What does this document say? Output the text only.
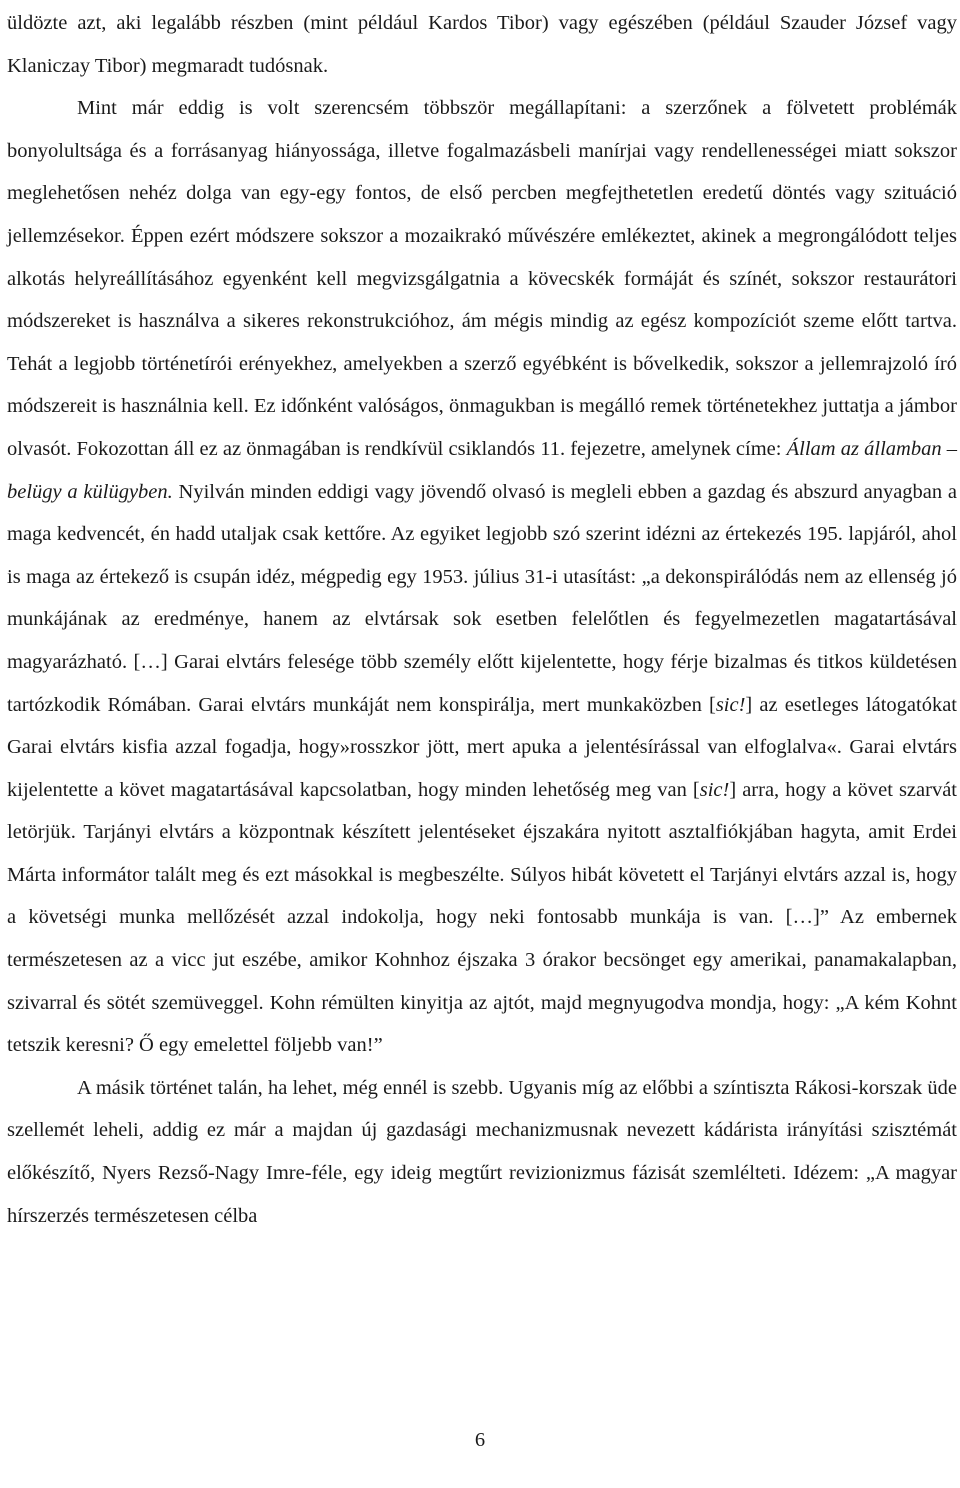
üldözte azt, aki legalább részben (mint például Kardos Tibor) vagy egészében (például Szauder József vagy Klaniczay Tibor) megmaradt tudósnak.

Mint már eddig is volt szerencsém többször megállapítani: a szerzőnek a fölvetett problémák bonyolultsága és a forrásanyag hiányossága, illetve fogalmazásbeli manírjai vagy rendellenességei miatt sokszor meglehetősen nehéz dolga van egy-egy fontos, de első percben megfejthetetlen eredetű döntés vagy szituáció jellemzésekor. Éppen ezért módszere sokszor a mozaikrakó művészére emlékeztet, akinek a megrongálódott teljes alkotás helyreállításához egyenként kell megvizsgálgatnia a kövecskék formáját és színét, sokszor restaurátori módszereket is használva a sikeres rekonstrukcióhoz, ám mégis mindig az egész kompozíciót szeme előtt tartva. Tehát a legjobb történetírói erényekhez, amelyekben a szerző egyébként is bővelkedik, sokszor a jellemrajzoló író módszereit is használnia kell. Ez időnként valóságos, önmagukban is megálló remek történetekhez juttatja a jámbor olvasót. Fokozottan áll ez az önmagában is rendkívül csiklandós 11. fejezetre, amelynek címe: Állam az államban – belügy a külügyben. Nyilván minden eddigi vagy jövendő olvasó is megleli ebben a gazdag és abszurd anyagban a maga kedvencét, én hadd utaljak csak kettőre. Az egyiket legjobb szó szerint idézni az értekezés 195. lapjáról, ahol is maga az értekező is csupán idéz, mégpedig egy 1953. július 31-i utasítást: „a dekonspirálódás nem az ellenség jó munkájának az eredménye, hanem az elvtársak sok esetben felelőtlen és fegyelmezetlen magatartásával magyarázható. […] Garai elvtárs felesége több személy előtt kijelentette, hogy férje bizalmas és titkos küldetésen tartózkodik Rómában. Garai elvtárs munkáját nem konspirálja, mert munkaközben [sic!] az esetleges látogatókat Garai elvtárs kisfia azzal fogadja, hogy»rosszkor jött, mert apuka a jelentésírással van elfoglalva«. Garai elvtárs kijelentette a követ magatartásával kapcsolatban, hogy minden lehetőség meg van [sic!] arra, hogy a követ szarvát letörjük. Tarjányi elvtárs a központnak készített jelentéseket éjszakára nyitott asztalfiókjában hagyta, amit Erdei Márta informátor talált meg és ezt másokkal is megbeszélte. Súlyos hibát követett el Tarjányi elvtárs azzal is, hogy a követségi munka mellőzését azzal indokolja, hogy neki fontosabb munkája is van. […]” Az embernek természetesen az a vicc jut eszébe, amikor Kohnhoz éjszaka 3 órakor becsönget egy amerikai, panamakalapban, szivarral és sötét szemüveggel. Kohn rémülten kinyitja az ajtót, majd megnyugodva mondja, hogy: „A kém Kohnt tetszik keresni? Ő egy emelettel följebb van!”

A másik történet talán, ha lehet, még ennél is szebb. Ugyanis míg az előbbi a színtiszta Rákosi-korszak üde szellemét leheli, addig ez már a majdan új gazdasági mechanizmusnak nevezett kádárista irányítási szisztémát előkészítő, Nyers Rezső-Nagy Imre-féle, egy ideig megtűrt revizionizmus fázisát szemlélteti. Idézem: „A magyar hírszerzés természetesen célba

6
